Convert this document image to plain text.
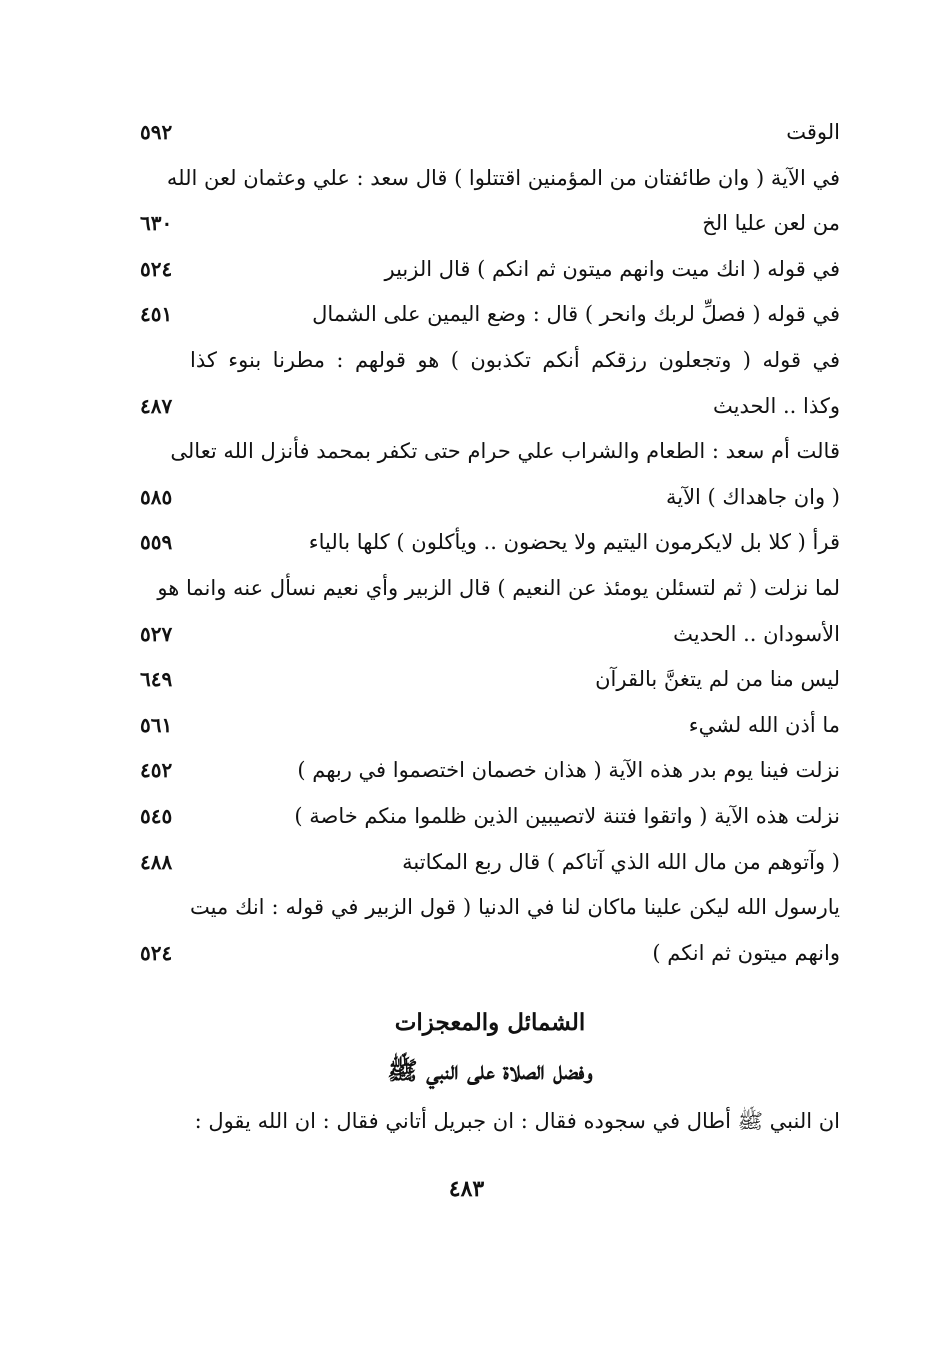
الوقت
٥٩٢
في الآية ( وان طائفتان من المؤمنين اقتتلوا ) قال سعد : علي وعثمان لعن الله
من لعن عليا الخ
٦٣٠
في قوله ( انك ميت وانهم ميتون ثم انكم ) قال الزبير
٥٢٤
في قوله ( فصلِّ لربك وانحر ) قال : وضع اليمين على الشمال
٤٥١
في قوله ( وتجعلون رزقكم أنكم تكذبون ) هو قولهم : مطرنا بنوء كذا
وكذا .. الحديث
٤٨٧
قالت أم سعد : الطعام والشراب علي حرام حتى تكفر بمحمد فأنزل الله تعالى
( وان جاهداك ) الآية
٥٨٥
قرأ ( كلا بل لايكرمون اليتيم ولا يحضون .. ويأكلون ) كلها بالياء
٥٥٩
لما نزلت ( ثم لتسئلن يومئذ عن النعيم ) قال الزبير وأي نعيم نسأل عنه وانما هو
الأسودان .. الحديث
٥٢٧
ليس منا من لم يتغنَّ بالقرآن
٦٤٩
ما أذن الله لشيء
٥٦١
نزلت فينا يوم بدر هذه الآية ( هذان خصمان اختصموا في ربهم )
٤٥٢
نزلت هذه الآية ( واتقوا فتنة لاتصيبين الذين ظلموا منكم خاصة )
٥٤٥
( وآتوهم من مال الله الذي آتاكم ) قال ربع المكاتبة
٤٨٨
يارسول الله ليكن علينا ماكان لنا في الدنيا ( قول الزبير في قوله : انك ميت
وانهم ميتون ثم انكم )
٥٢٤
الشمائل والمعجزات
وفضل الصلاة على النبي ﷺ
ان النبي ﷺ أطال في سجوده فقال : ان جبريل أتاني فقال : ان الله يقول :
٤٨٣
